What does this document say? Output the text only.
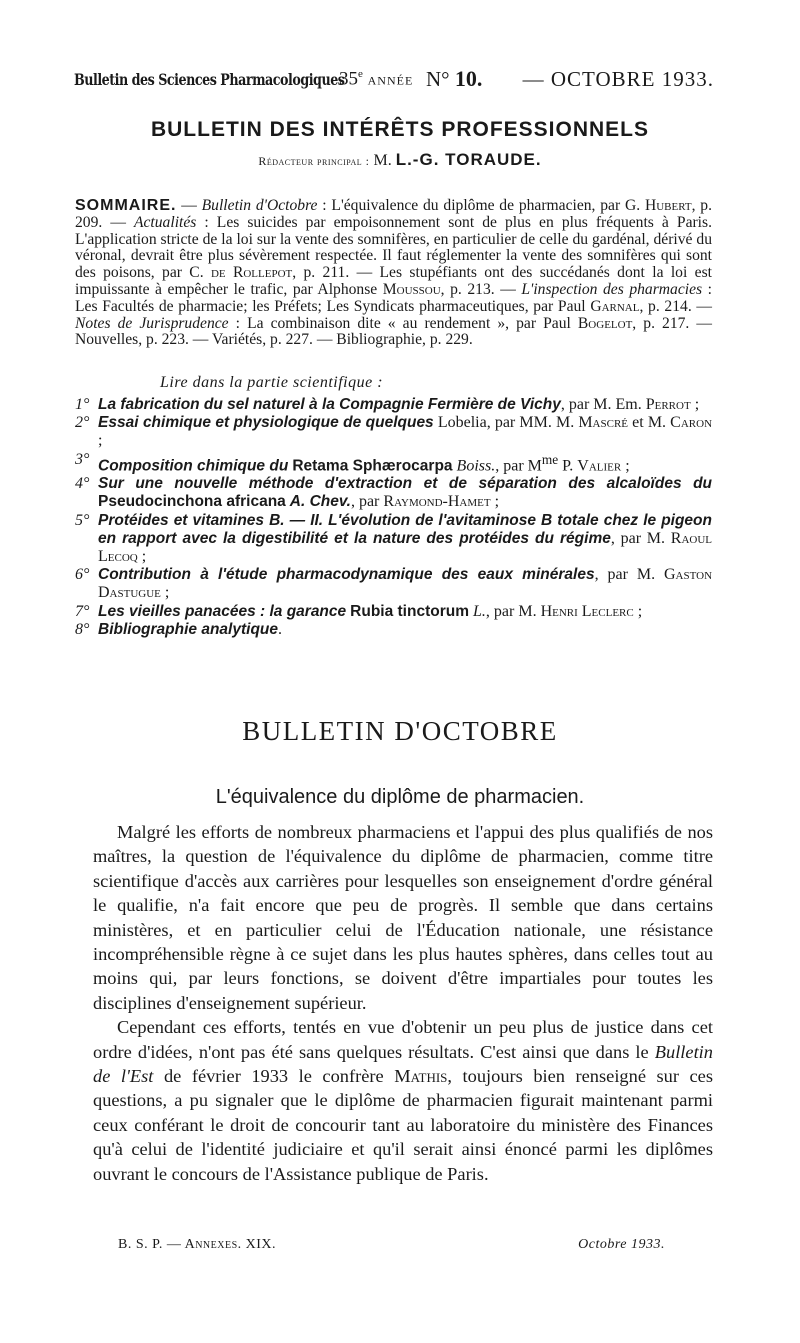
Bulletin des Sciences Pharmacologiques
35e ANNÉE N° 10. — OCTOBRE 1933.
BULLETIN DES INTÉRÊTS PROFESSIONNELS
Rédacteur principal : M. L.-G. TORAUDE.
SOMMAIRE. — Bulletin d'Octobre : L'équivalence du diplôme de pharmacien, par G. Hubert, p. 209. — Actualités : Les suicides par empoisonnement sont de plus en plus fréquents à Paris. L'application stricte de la loi sur la vente des somnifères, en particulier de celle du gardénal, dérivé du véronal, devrait être plus sévèrement respectée. Il faut réglementer la vente des somnifères qui sont des poisons, par C. de Rollepot, p. 211. — Les stupéfiants ont des succédanés dont la loi est impuissante à empêcher le trafic, par Alphonse Moussou, p. 213. — L'inspection des pharmacies : Les Facultés de pharmacie; les Préfets; Les Syndicats pharmaceutiques, par Paul Garnal, p. 214. — Notes de Jurisprudence : La combinaison dite « au rendement », par Paul Bogelot, p. 217. — Nouvelles, p. 223. — Variétés, p. 227. — Bibliographie, p. 229.
Lire dans la partie scientifique :
1° La fabrication du sel naturel à la Compagnie Fermière de Vichy, par M. Em. Perrot ;
2° Essai chimique et physiologique de quelques Lobelia, par MM. M. Mascré et M. Caron ;
3° Composition chimique du Retama Sphærocarpa Boiss., par $M^{me}$ P. Valier ;
4° Sur une nouvelle méthode d'extraction et de séparation des alcaloïdes du Pseudocinchona africana A. Chev., par Raymond-Hamet ;
5° Protéides et vitamines B. — II. L'évolution de l'avitaminose B totale chez le pigeon en rapport avec la digestibilité et la nature des protéides du régime, par M. Raoul Lecoq ;
6° Contribution à l'étude pharmacodynamique des eaux minérales, par M. Gaston Dastugue ;
7° Les vieilles panacées : la garance Rubia tinctorum L., par M. Henri Leclerc ;
8° Bibliographie analytique.
BULLETIN D'OCTOBRE
L'équivalence du diplôme de pharmacien.

Malgré les efforts de nombreux pharmaciens et l'appui des plus qualifiés de nos maîtres, la question de l'équivalence du diplôme de pharmacien, comme titre scientifique d'accès aux carrières pour lesquelles son enseignement d'ordre général le qualifie, n'a fait encore que peu de progrès. Il semble que dans certains ministères, et en particulier celui de l'Éducation nationale, une résistance incompréhensible règne à ce sujet dans les plus hautes sphères, dans celles tout au moins qui, par leurs fonctions, se doivent d'être impartiales pour toutes les disciplines d'enseignement supérieur.

Cependant ces efforts, tentés en vue d'obtenir un peu plus de justice dans cet ordre d'idées, n'ont pas été sans quelques résultats. C'est ainsi que dans le Bulletin de l'Est de février 1933 le confrère Mathis, toujours bien renseigné sur ces questions, a pu signaler que le diplôme de pharmacien figurait maintenant parmi ceux conférant le droit de concourir tant au laboratoire du ministère des Finances qu'à celui de l'identité judiciaire et qu'il serait ainsi énoncé parmi les diplômes ouvrant le concours de l'Assistance publique de Paris.

B. S. P. — Annexes. XIX.	Octobre 1933.
